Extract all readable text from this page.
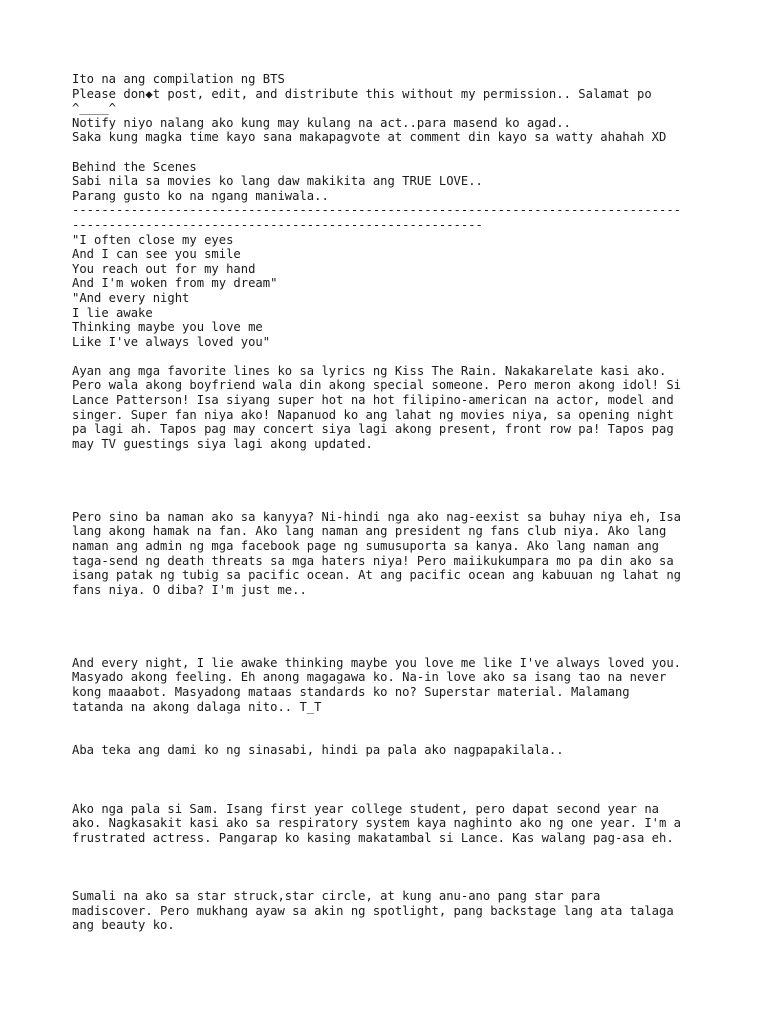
Ito na ang compilation ng BTS
Please don◆t post, edit, and distribute this without my permission.. Salamat po
^____^
Notify niyo nalang ako kung may kulang na act..para masend ko agad..
Saka kung magka time kayo sana makapagvote at comment din kayo sa watty ahahah XD
Behind the Scenes
Sabi nila sa movies ko lang daw makikita ang TRUE LOVE..
Parang gusto ko na ngang maniwala..
-----------------------------------------------------------------------------------
--------------------------------------------------------
"I often close my eyes
And I can see you smile
You reach out for my hand
And I'm woken from my dream"
"And every night
I lie awake
Thinking maybe you love me
Like I've always loved you"
Ayan ang mga favorite lines ko sa lyrics ng Kiss The Rain. Nakakarelate kasi ako.
Pero wala akong boyfriend wala din akong special someone. Pero meron akong idol! Si
Lance Patterson! Isa siyang super hot na hot filipino-american na actor, model and
singer. Super fan niya ako! Napanuod ko ang lahat ng movies niya, sa opening night
pa lagi ah. Tapos pag may concert siya lagi akong present, front row pa! Tapos pag
may TV guestings siya lagi akong updated.
Pero sino ba naman ako sa kanyya? Ni-hindi nga ako nag-eexist sa buhay niya eh, Isa
lang akong hamak na fan. Ako lang naman ang president ng fans club niya. Ako lang
naman ang admin ng mga facebook page ng sumusuporta sa kanya. Ako lang naman ang
taga-send ng death threats sa mga haters niya! Pero maiikukumpara mo pa din ako sa
isang patak ng tubig sa pacific ocean. At ang pacific ocean ang kabuuan ng lahat ng
fans niya. O diba? I'm just me..
And every night, I lie awake thinking maybe you love me like I've always loved you.
Masyado akong feeling. Eh anong magagawa ko. Na-in love ako sa isang tao na never
kong maaabot. Masyadong mataas standards ko no? Superstar material. Malamang
tatanda na akong dalaga nito.. T_T
Aba teka ang dami ko ng sinasabi, hindi pa pala ako nagpapakilala..
Ako nga pala si Sam. Isang first year college student, pero dapat second year na
ako. Nagkasakit kasi ako sa respiratory system kaya naghinto ako ng one year. I'm a
frustrated actress. Pangarap ko kasing makatambal si Lance. Kas walang pag-asa eh.
Sumali na ako sa star struck,star circle, at kung anu-ano pang star para
madiscover. Pero mukhang ayaw sa akin ng spotlight, pang backstage lang ata talaga
ang beauty ko.
